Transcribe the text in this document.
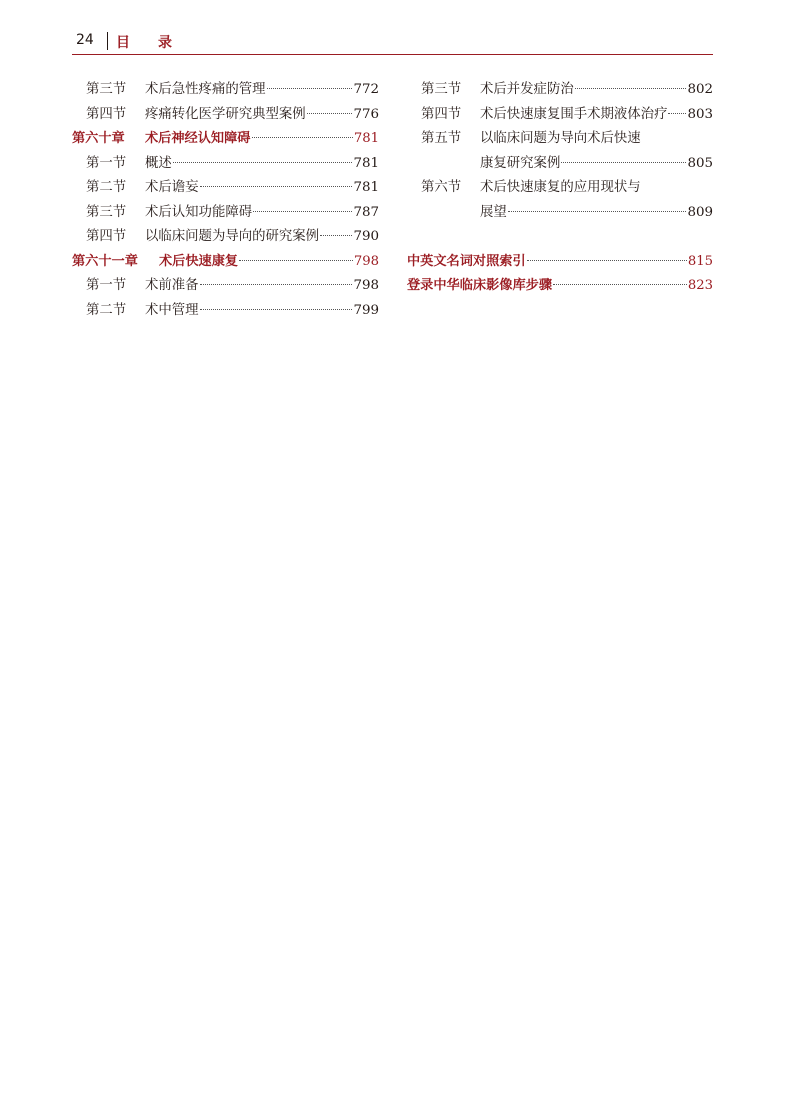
24 目录
第三节 术后急性疼痛的管理	772
第四节 疼痛转化医学研究典型案例	776
第六十章 术后神经认知障碍	781
第一节 概述	781
第二节 术后谵妄	781
第三节 术后认知功能障碍	787
第四节 以临床问题为导向的研究案例	790
第六十一章 术后快速康复	798
第一节 术前准备	798
第二节 术中管理	799
第三节 术后并发症防治	802
第四节 术后快速康复围手术期液体治疗 803
第五节 以临床问题为导向术后快速
康复研究案例	805
第六节 术后快速康复的应用现状与
展望	809
中英文名词对照索引	815
登录中华临床影像库步骤	823
